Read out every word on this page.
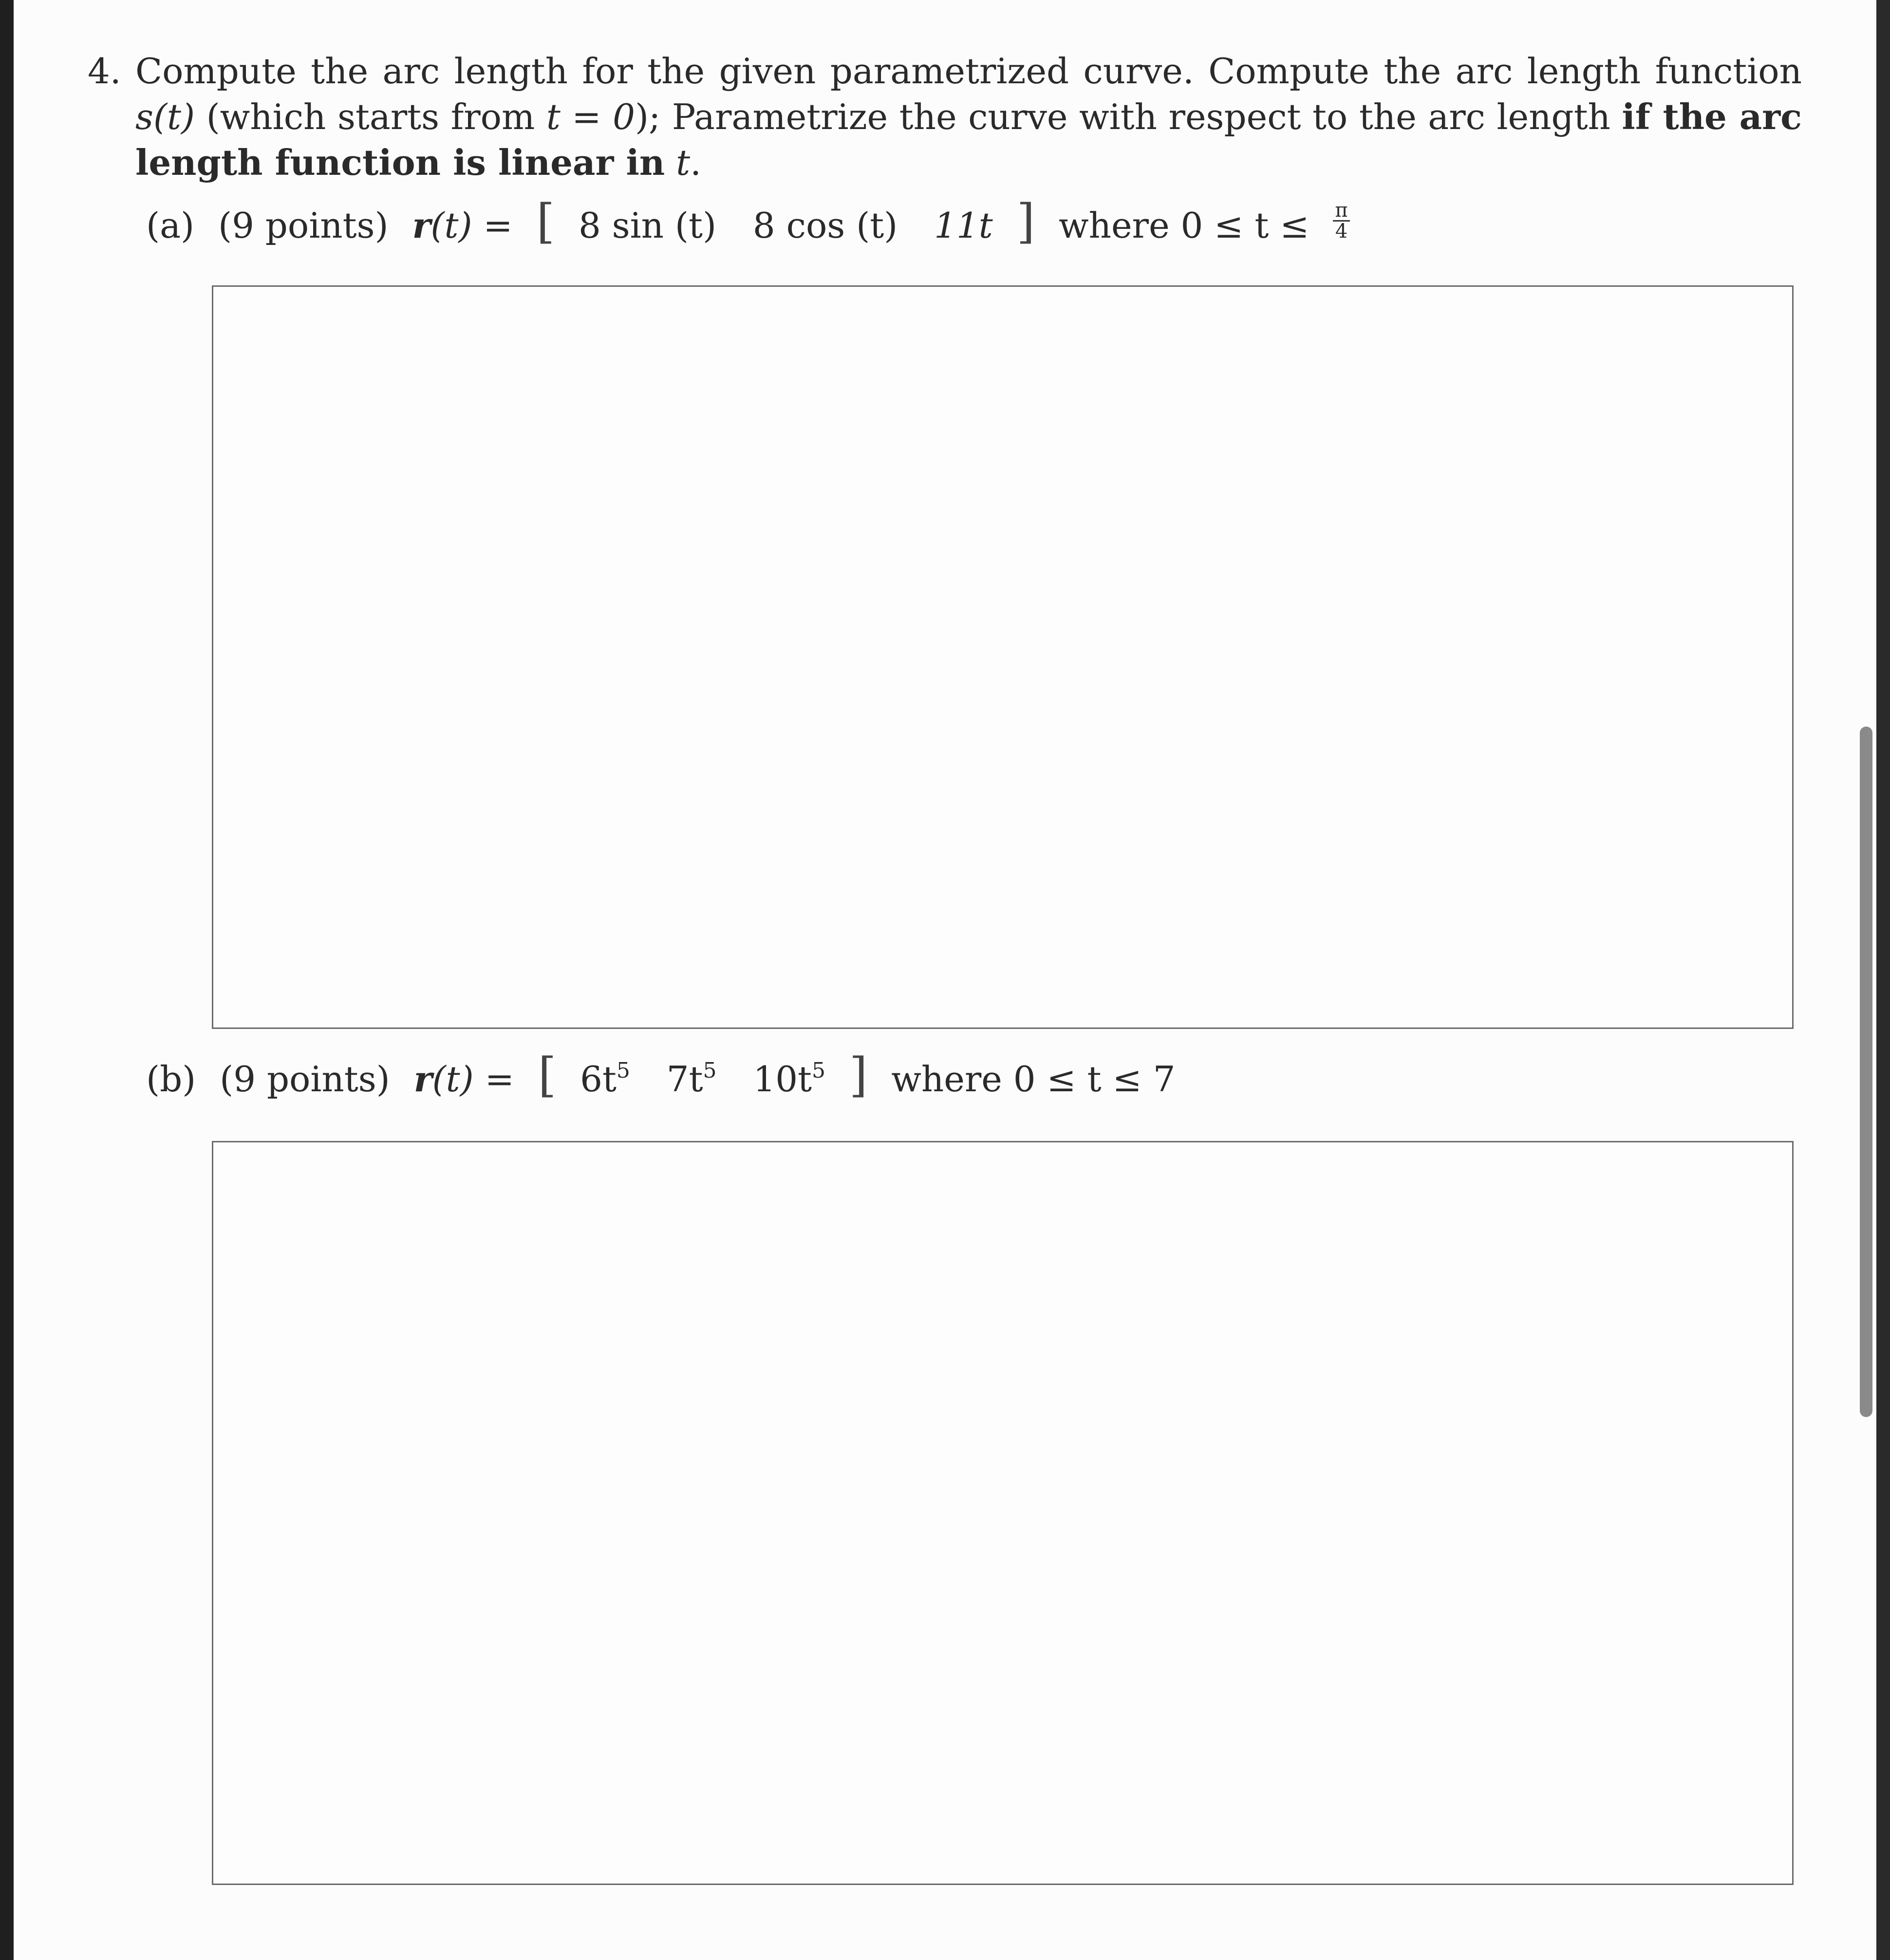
4. Compute the arc length for the given parametrized curve. Compute the arc length function s(t) (which starts from t = 0); Parametrize the curve with respect to the arc length if the arc length function is linear in t.
(a) (9 points) r(t) = [ 8 sin (t) 8 cos (t) 11t ] where $0 \le t \le \frac{\pi}{4}$
(b) (9 points) r(t) = [ $6t^5$ $7t^5$ $10t^5$ ] where 0 ≤ t ≤ 7
